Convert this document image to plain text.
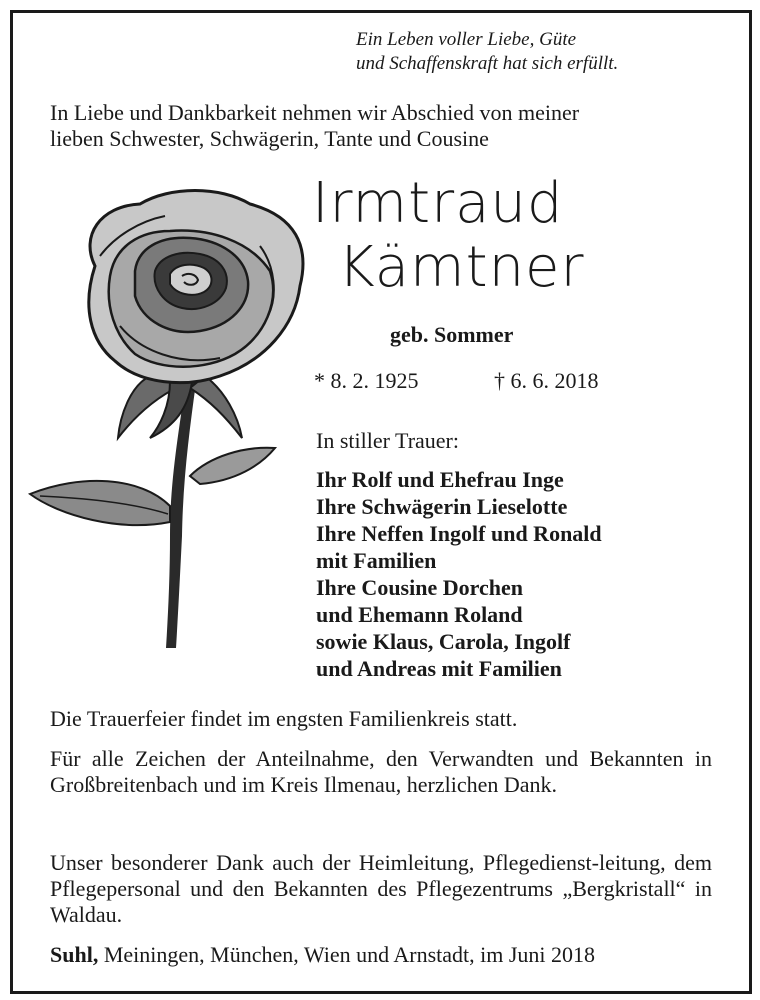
Ein Leben voller Liebe, Güte
und Schaffenskraft hat sich erfüllt.
In Liebe und Dankbarkeit nehmen wir Abschied von meiner
lieben Schwester, Schwägerin, Tante und Cousine
Irmtraud
Kämtner
geb. Sommer
* 8. 2. 1925	† 6. 6. 2018
In stiller Trauer:
Ihr Rolf und Ehefrau Inge
Ihre Schwägerin Lieselotte
Ihre Neffen Ingolf und Ronald
mit Familien
Ihre Cousine Dorchen
und Ehemann Roland
sowie Klaus, Carola, Ingolf
und Andreas mit Familien

Die Trauerfeier findet im engsten Familienkreis statt.

Für alle Zeichen der Anteilnahme, den Verwandten und Bekannten in Großbreitenbach und im Kreis Ilmenau, herzlichen Dank.

Unser besonderer Dank auch der Heimleitung, Pflegedienst-leitung, dem Pflegepersonal und den Bekannten des Pflegezentrums „Bergkristall“ in Waldau.

Suhl, Meiningen, München, Wien und Arnstadt, im Juni 2018
